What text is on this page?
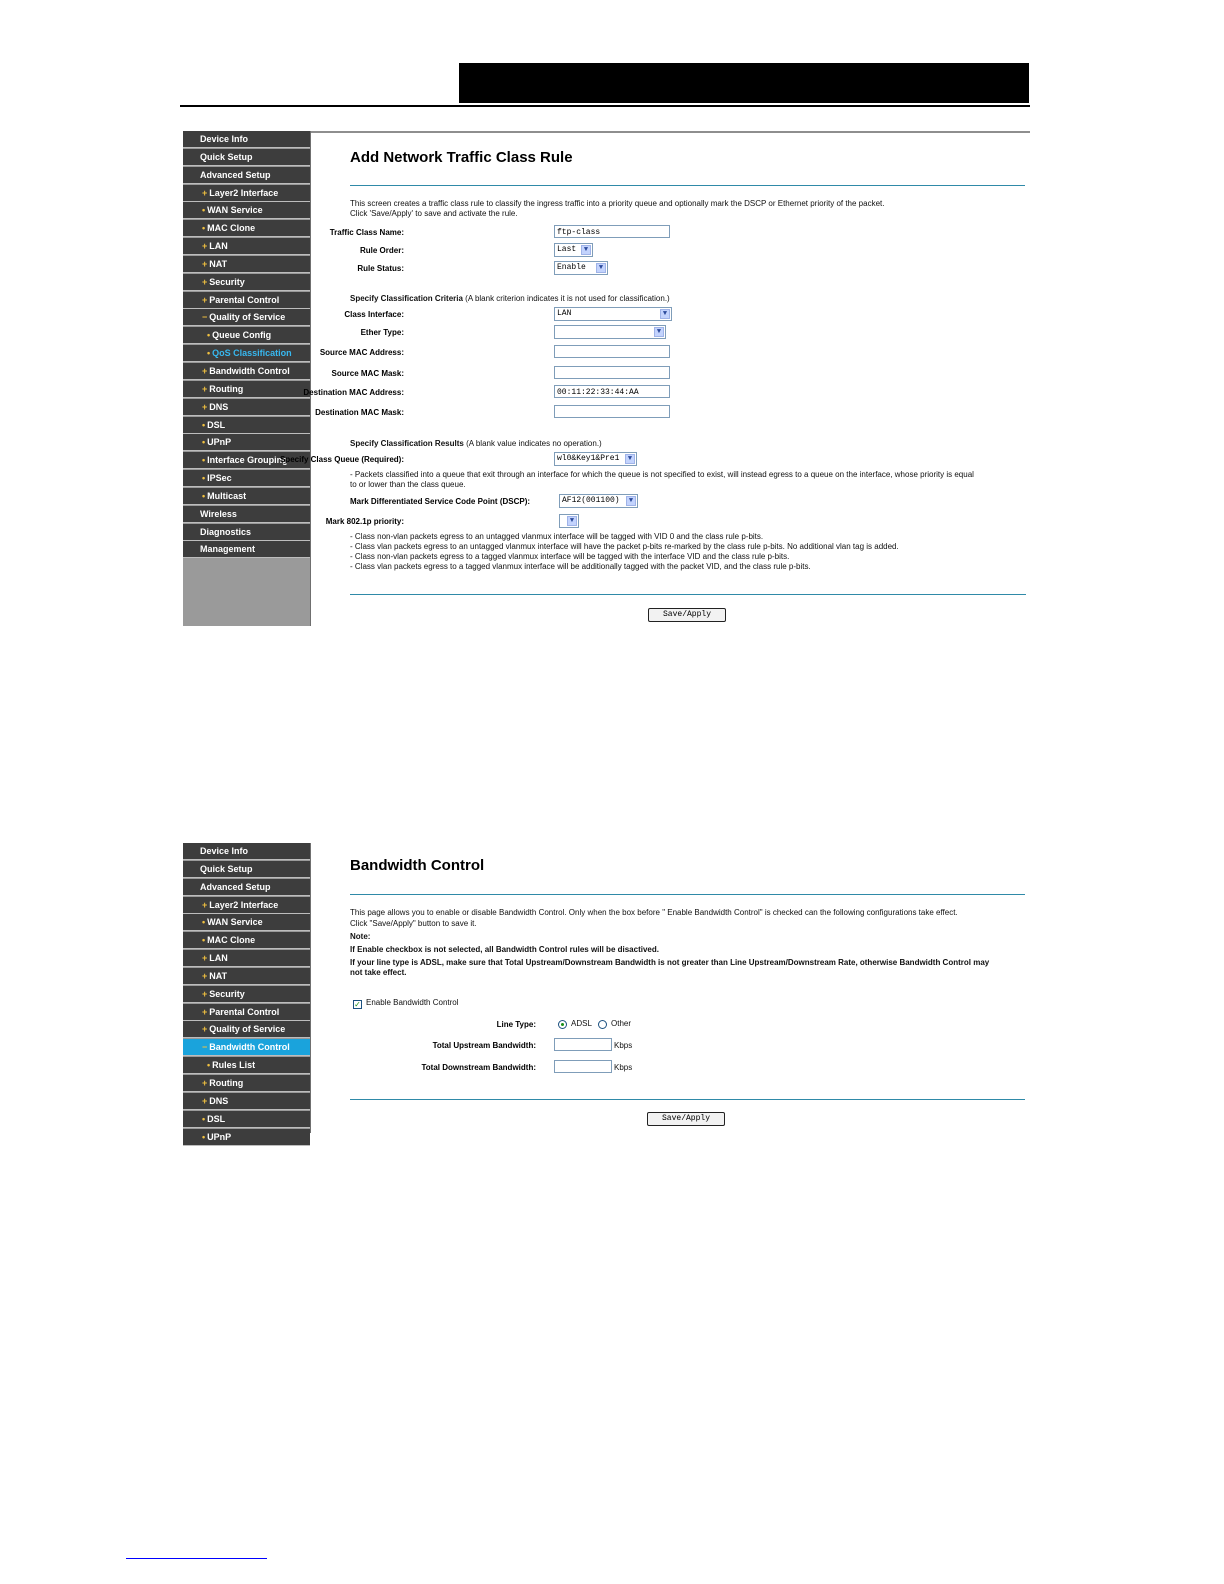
Device Info
Quick Setup
Advanced Setup
+ Layer2 Interface
• WAN Service
• MAC Clone
+ LAN
+ NAT
+ Security
+ Parental Control
− Quality of Service
• Queue Config
• QoS Classification
+ Bandwidth Control
+ Routing
+ DNS
• DSL
• UPnP
• Interface Grouping
• IPSec
• Multicast
Wireless
Diagnostics
Management
Add Network Traffic Class Rule
This screen creates a traffic class rule to classify the ingress traffic into a priority queue and optionally mark the DSCP or Ethernet priority of the packet.
Click 'Save/Apply' to save and activate the rule.
Traffic Class Name:	ftp-class
Rule Order:	Last	▼
Rule Status:	Enable	▼
Specify Classification Criteria (A blank criterion indicates it is not used for classification.)
Class Interface:	LAN	▼
Ether Type:	▼
Source MAC Address:
Source MAC Mask:
Destination MAC Address:	00:11:22:33:44:AA
Destination MAC Mask:
Specify Classification Results (A blank value indicates no operation.)
Specify Class Queue (Required):	wl0&Key1&Pre1	▼
- Packets classified into a queue that exit through an interface for which the queue is not specified to exist, will instead egress to a queue on the interface, whose priority is equal
to or lower than the class queue.
Mark Differentiated Service Code Point (DSCP):	AF12(001100)	▼
Mark 802.1p priority:	▼
- Class non-vlan packets egress to an untagged vlanmux interface will be tagged with VID 0 and the class rule p-bits.
- Class vlan packets egress to an untagged vlanmux interface will have the packet p-bits re-marked by the class rule p-bits. No additional vlan tag is added.
- Class non-vlan packets egress to a tagged vlanmux interface will be tagged with the interface VID and the class rule p-bits.
- Class vlan packets egress to a tagged vlanmux interface will be additionally tagged with the packet VID, and the class rule p-bits.
Save/Apply
Device Info
Quick Setup
Advanced Setup
+ Layer2 Interface
• WAN Service
• MAC Clone
+ LAN
+ NAT
+ Security
+ Parental Control
+ Quality of Service
− Bandwidth Control
• Rules List
+ Routing
+ DNS
• DSL
• UPnP
Bandwidth Control
This page allows you to enable or disable Bandwidth Control. Only when the box before " Enable Bandwidth Control" is checked can the following configurations take effect.
Click "Save/Apply" button to save it.
Note:
If Enable checkbox is not selected, all Bandwidth Control rules will be disactived.
If your line type is ADSL, make sure that Total Upstream/Downstream Bandwidth is not greater than Line Upstream/Downstream Rate, otherwise Bandwidth Control may
not take effect.
✓ Enable Bandwidth Control
Line Type:	ADSL Other
Total Upstream Bandwidth:	Kbps
Total Downstream Bandwidth:	Kbps
Save/Apply
